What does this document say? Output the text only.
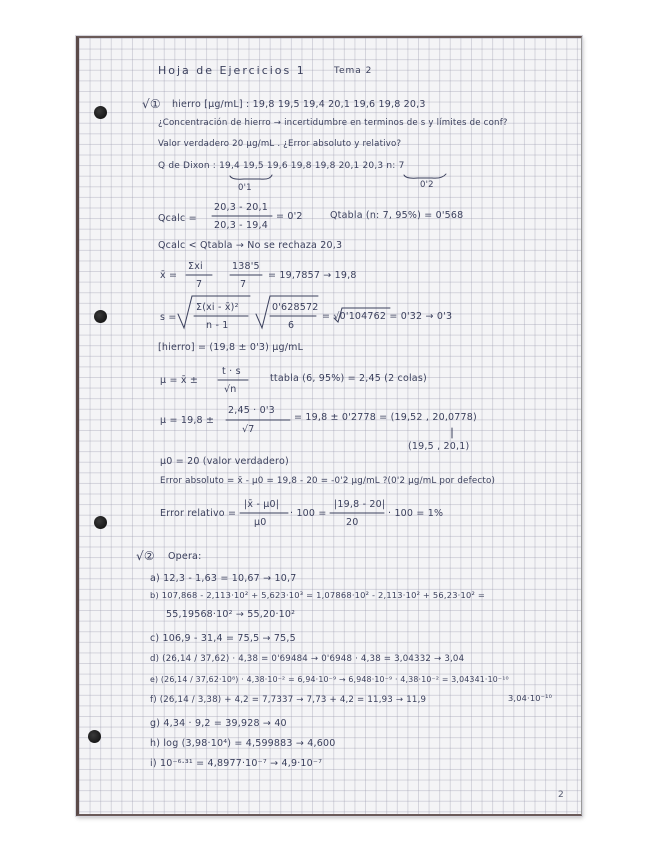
Hoja de Ejercicios 1	Tema 2
√① hierro [μg/mL] : 19,8 19,5 19,4 20,1 19,6 19,8 20,3
¿Concentración de hierro → incertidumbre en terminos de s y límites de conf?
Valor verdadero 20 μg/mL . ¿Error absoluto y relativo?
Q de Dixon : 19,4 19,5 19,6 19,8 19,8 20,1 20,3 n: 7
0'1	0'2
Qcalc =
20,3 - 20,1
20,3 - 19,4
= 0'2	Qtabla (n: 7, 95%) = 0'568
Qcalc < Qtabla → No se rechaza 20,3
x̄ =
Σxi
7
138'5
7
= 19,7857 → 19,8
s =
Σ(xi - x̄)²
n - 1
0'628572
6
= √0'104762 = 0'32 → 0'3
[hierro] = (19,8 ± 0'3) μg/mL
μ = x̄ ±
t · s
√n
ttabla (6, 95%) = 2,45 (2 colas)
μ = 19,8 ±
2,45 · 0'3
√7
= 19,8 ± 0'2778 = (19,52 , 20,0778)
(19,5 , 20,1)
μ0 = 20 (valor verdadero)
Error absoluto = x̄ - μ0 = 19,8 - 20 = -0'2 μg/mL ?(0'2 μg/mL por defecto)
Error relativo =
|x̄ - μ0|
μ0
· 100 =
|19,8 - 20|
20
· 100 = 1%
√② Opera:
a) 12,3 - 1,63 = 10,67 → 10,7
b) 107,868 - 2,113·10² + 5,623·10³ = 1,07868·10² - 2,113·10² + 56,23·10² =
55,19568·10² → 55,20·10²
c) 106,9 - 31,4 = 75,5 → 75,5
d) (26,14 / 37,62) · 4,38 = 0'69484 → 0'6948 · 4,38 = 3,04332 → 3,04
e) (26,14 / 37,62·10⁸) · 4,38·10⁻² = 6,94·10⁻⁹ → 6,948·10⁻⁹ · 4,38·10⁻² = 3,04341·10⁻¹⁰
f) (26,14 / 3,38) + 4,2 = 7,7337 → 7,73 + 4,2 = 11,93 → 11,9	3,04·10⁻¹⁰
g) 4,34 · 9,2 = 39,928 → 40
h) log (3,98·10⁴) = 4,599883 → 4,600
i) 10⁻⁶·³¹ = 4,8977·10⁻⁷ → 4,9·10⁻⁷
2
